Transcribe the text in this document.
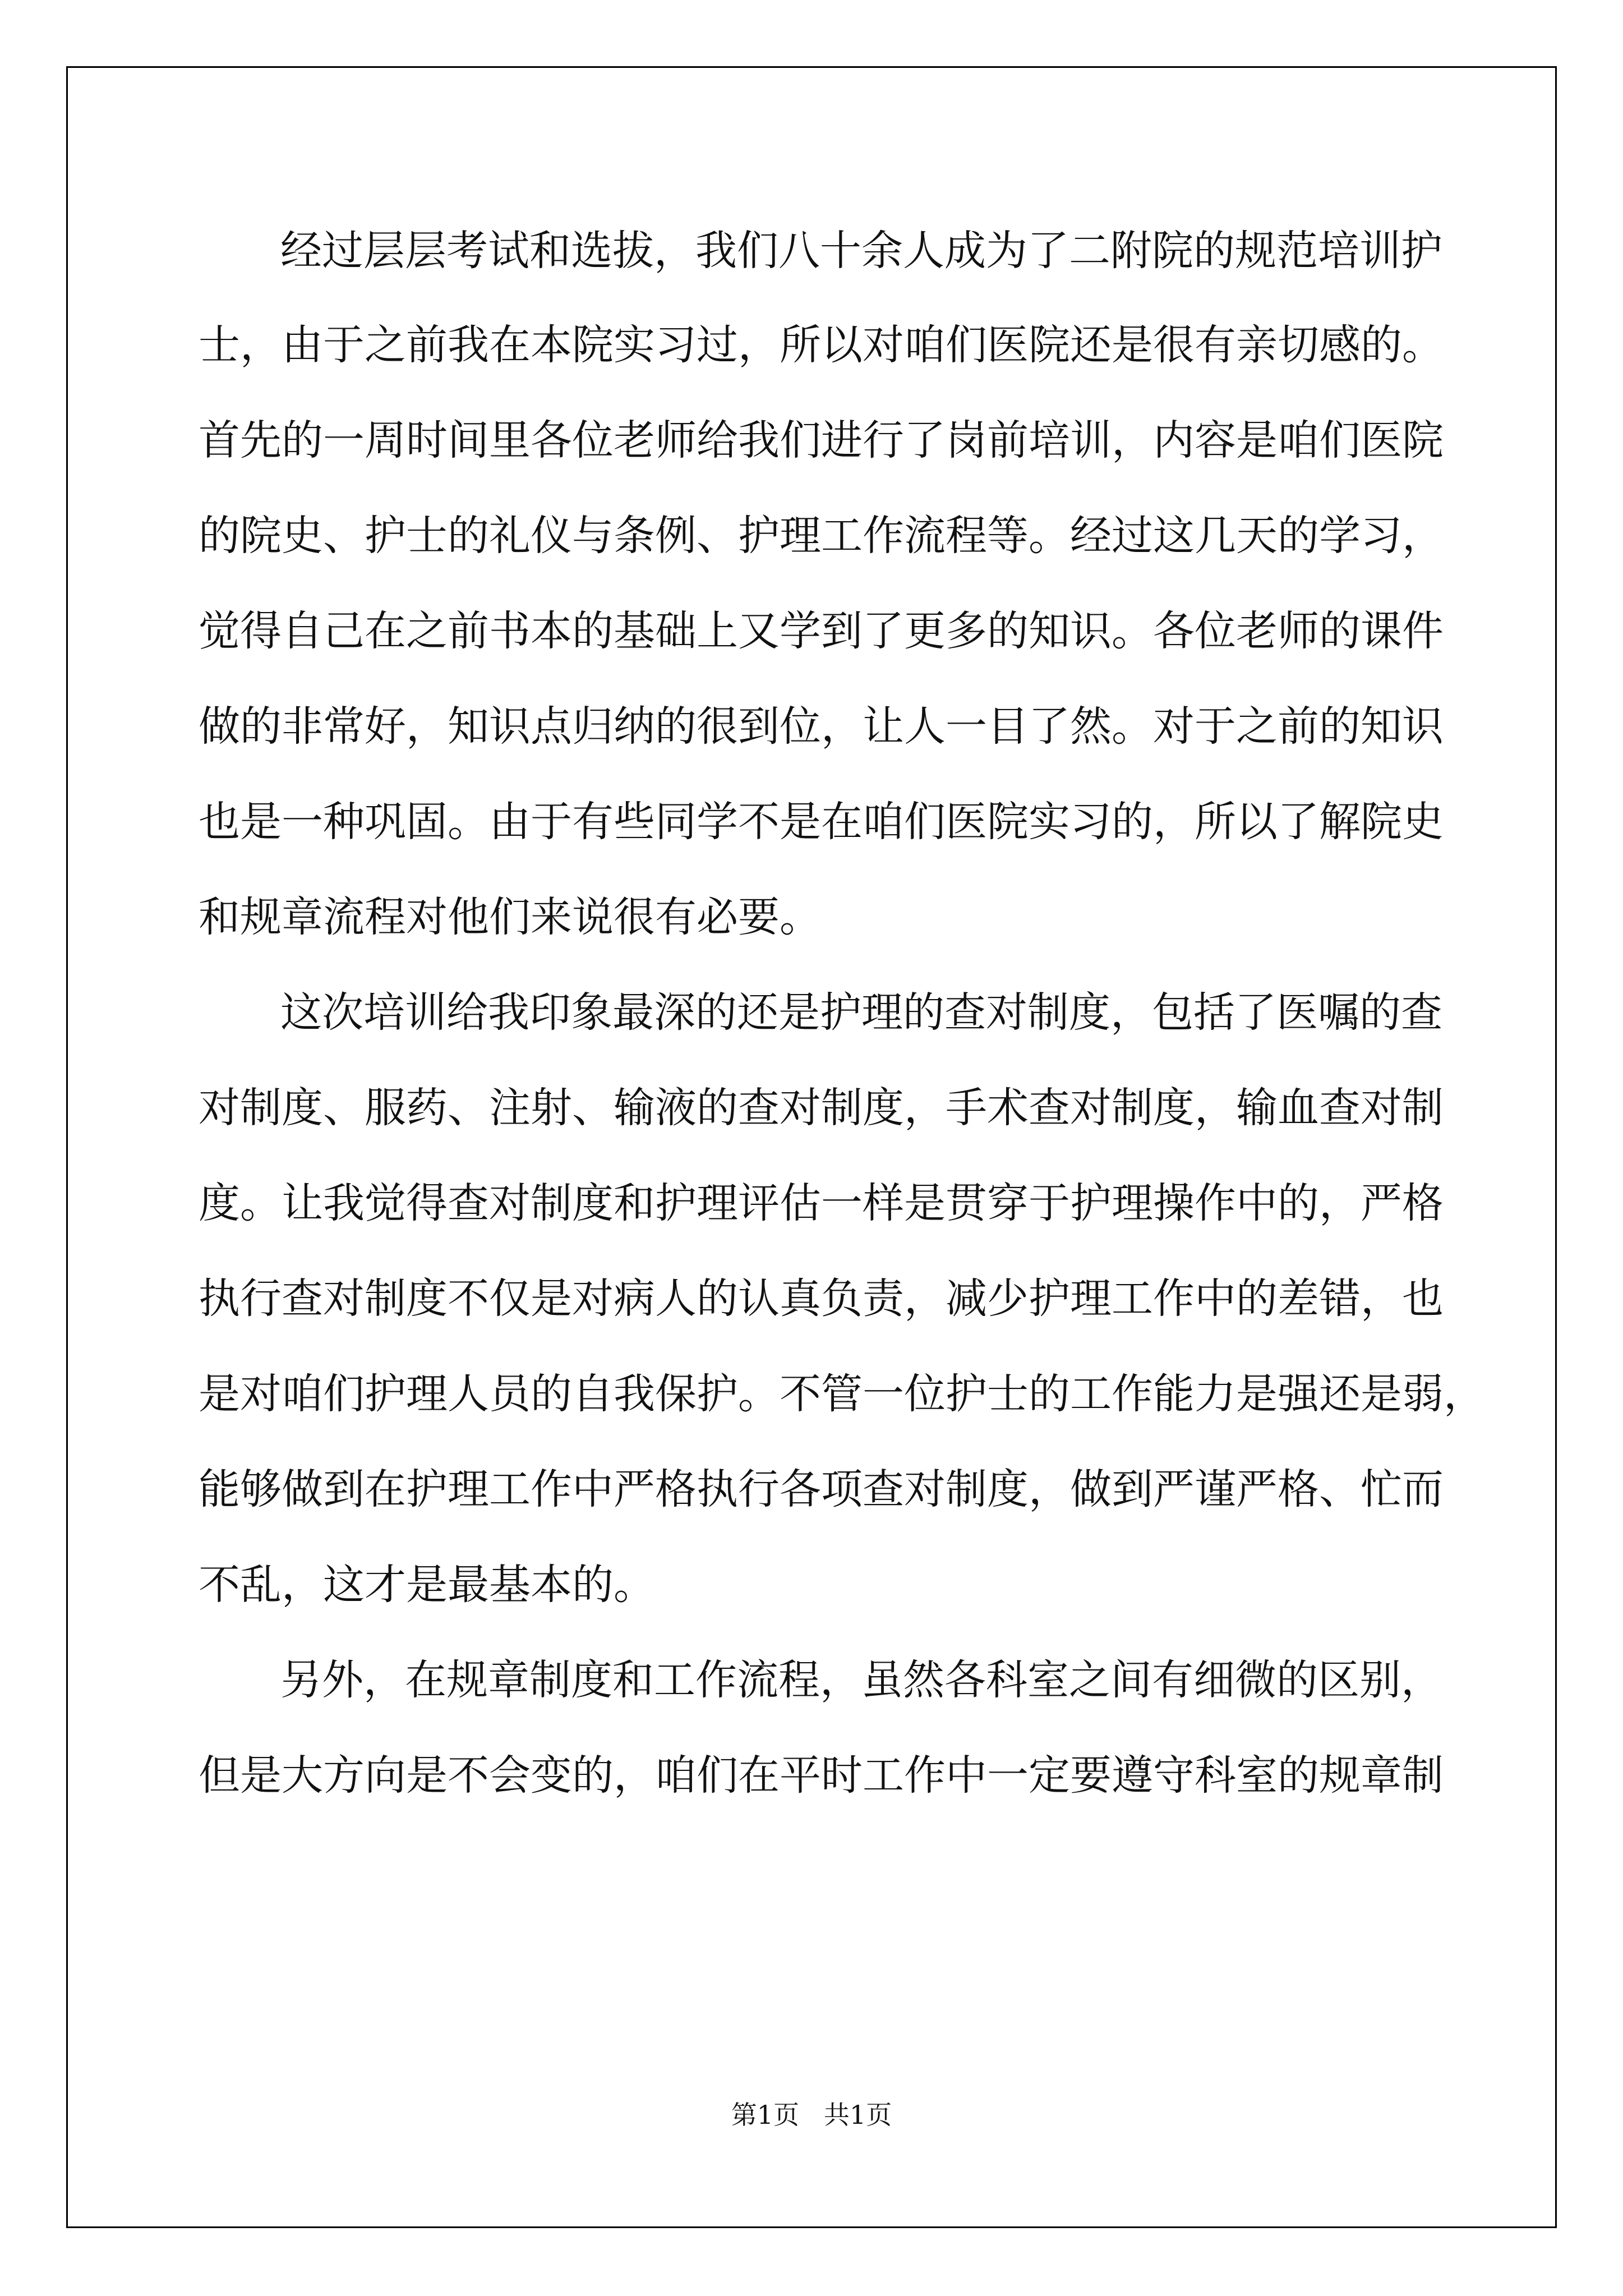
经过层层考试和选拔，我们八十余人成为了二附院的规范培训护
士，由于之前我在本院实习过，所以对咱们医院还是很有亲切感的。
首先的一周时间里各位老师给我们进行了岗前培训，内容是咱们医院
的院史、护士的礼仪与条例、护理工作流程等。经过这几天的学习，
觉得自己在之前书本的基础上又学到了更多的知识。各位老师的课件
做的非常好，知识点归纳的很到位，让人一目了然。对于之前的知识
也是一种巩固。由于有些同学不是在咱们医院实习的，所以了解院史
和规章流程对他们来说很有必要。
这次培训给我印象最深的还是护理的查对制度，包括了医嘱的查
对制度、服药、注射、输液的查对制度，手术查对制度，输血查对制
度。让我觉得查对制度和护理评估一样是贯穿于护理操作中的，严格
执行查对制度不仅是对病人的认真负责，减少护理工作中的差错，也
是对咱们护理人员的自我保护。不管一位护士的工作能力是强还是弱，
能够做到在护理工作中严格执行各项查对制度，做到严谨严格、忙而
不乱，这才是最基本的。
另外，在规章制度和工作流程，虽然各科室之间有细微的区别，
但是大方向是不会变的，咱们在平时工作中一定要遵守科室的规章制
第1页   共1页
